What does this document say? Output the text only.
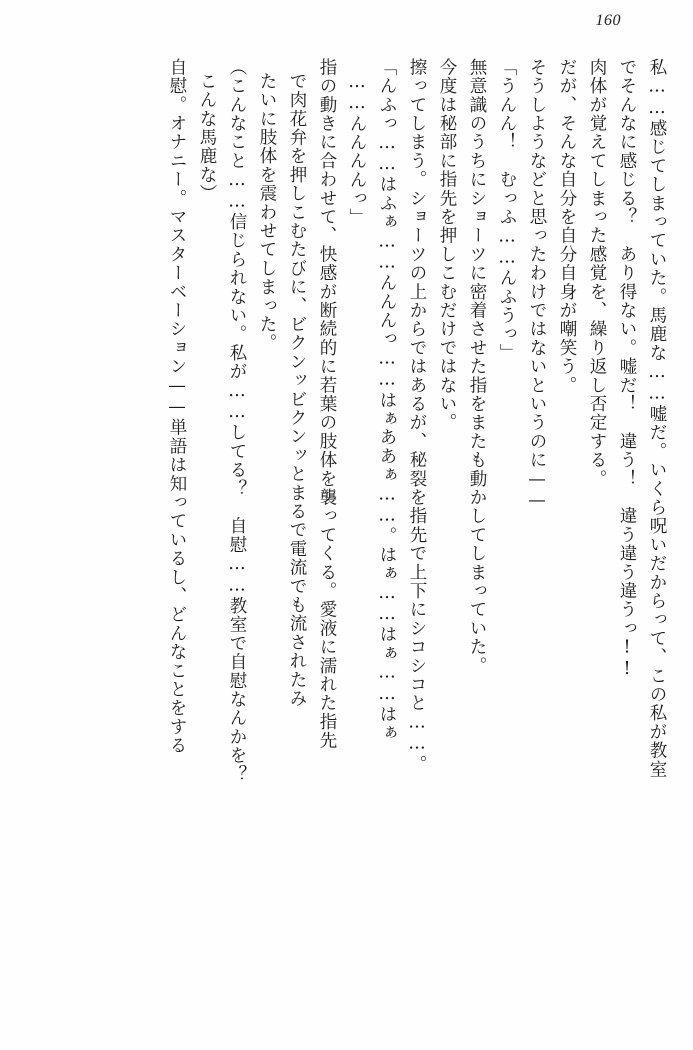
160
私……感じてしまっていた。馬鹿な……嘘だ。いくら呪いだからって、この私が教室
でそんなに感じる？　あり得ない。嘘だ！　違う！　違う違う違うっ!!
肉体が覚えてしまった感覚を、繰り返し否定する。
だが、そんな自分を自分自身が嘲笑う。
そうしようなどと思ったわけではないというのに——
「うんん！　むっふ……んふうっ」
無意識のうちにショーツに密着させた指をまたも動かしてしまっていた。
今度は秘部に指先を押しこむだけではない。
擦ってしまう。ショーツの上からではあるが、秘裂を指先で上下にシコシコと……。
「んふっ……はふぁ……んんんっ……はぁああぁ……。はぁ……はぁ……はぁ
……んんんんっ」
指の動きに合わせて、快感が断続的に若葉の肢体を襲ってくる。愛液に濡れた指先
で肉花弁を押しこむたびに、ビクンッビクンッとまるで電流でも流されたみ
たいに肢体を震わせてしまった。
（こんなこと……信じられない。私が……してる？　自慰……教室で自慰なんかを？
こんな馬鹿な）
自慰。オナニー。マスターベーション——単語は知っているし、どんなことをする
